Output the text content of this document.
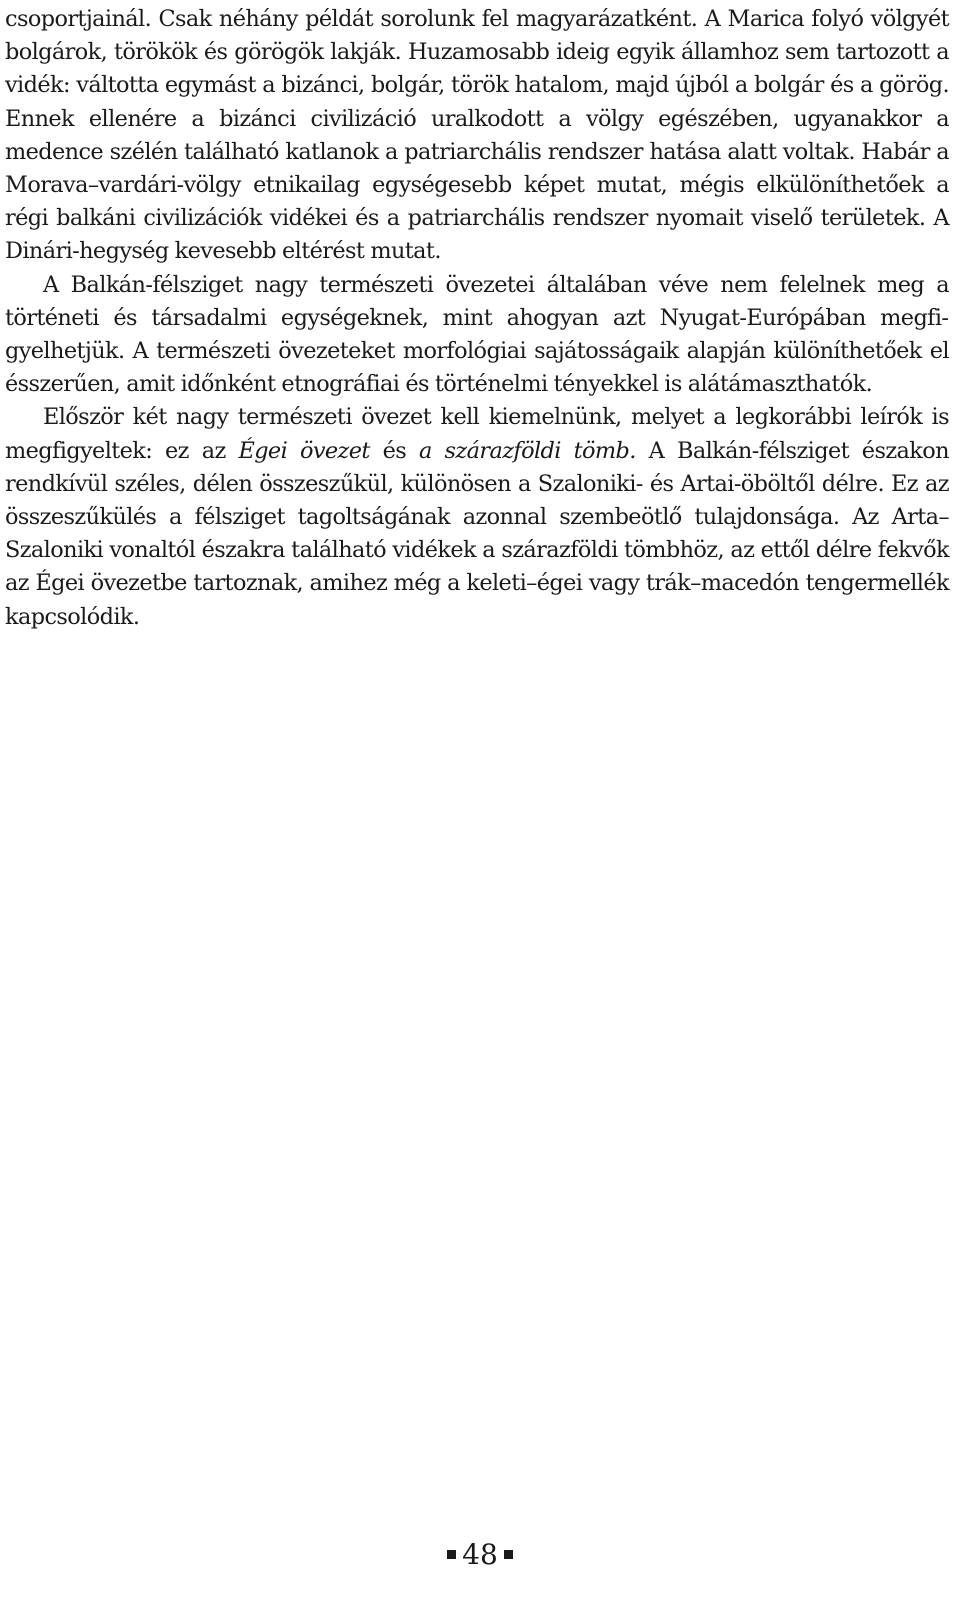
csoportjainál. Csak néhány példát sorolunk fel magyarázatként. A Marica folyó völgyét bolgárok, törökök és görögök lakják. Huzamosabb ideig egyik államhoz sem tartozott a vidék: váltotta egymást a bizánci, bolgár, török hatalom, majd újból a bolgár és a görög. Ennek ellenére a bizánci civilizáció uralkodott a völgy egészében, ugyanakkor a medence szélén található katlanok a patriarchális rendszer hatása alatt voltak. Habár a Morava–vardári-völgy etnikailag egységesebb képet mutat, mégis elkülöníthetőek a régi balkáni civilizációk vidékei és a patriarchális rendszer nyomait viselő területek. A Dinári-hegység kevesebb eltérést mutat.

A Balkán-félsziget nagy természeti övezetei általában véve nem felelnek meg a történeti és társadalmi egységeknek, mint ahogyan azt Nyugat-Európában megfigyelhetjük. A természeti övezeteket morfológiai sajátosságaik alapján különíthetőek el ésszerűen, amit időnként etnográfiai és történelmi tényekkel is alátámaszthatók.

Először két nagy természeti övezet kell kiemelnünk, melyet a legkorábbi leírók is megfigyeltek: ez az Égei övezet és a szárazföldi tömb. A Balkán-félsziget északon rendkívül széles, délen összeszűkül, különösen a Szaloniki- és Artai-öböltől délre. Ez az összeszűkülés a félsziget tagoltságának azonnal szembeötlő tulajdonsága. Az Arta–Szaloniki vonaltól északra található vidékek a szárazföldi tömbhöz, az ettől délre fekvők az Égei övezetbe tartoznak, amihez még a keleti–égei vagy trák–macedón tengermellék kapcsolódik.

48
